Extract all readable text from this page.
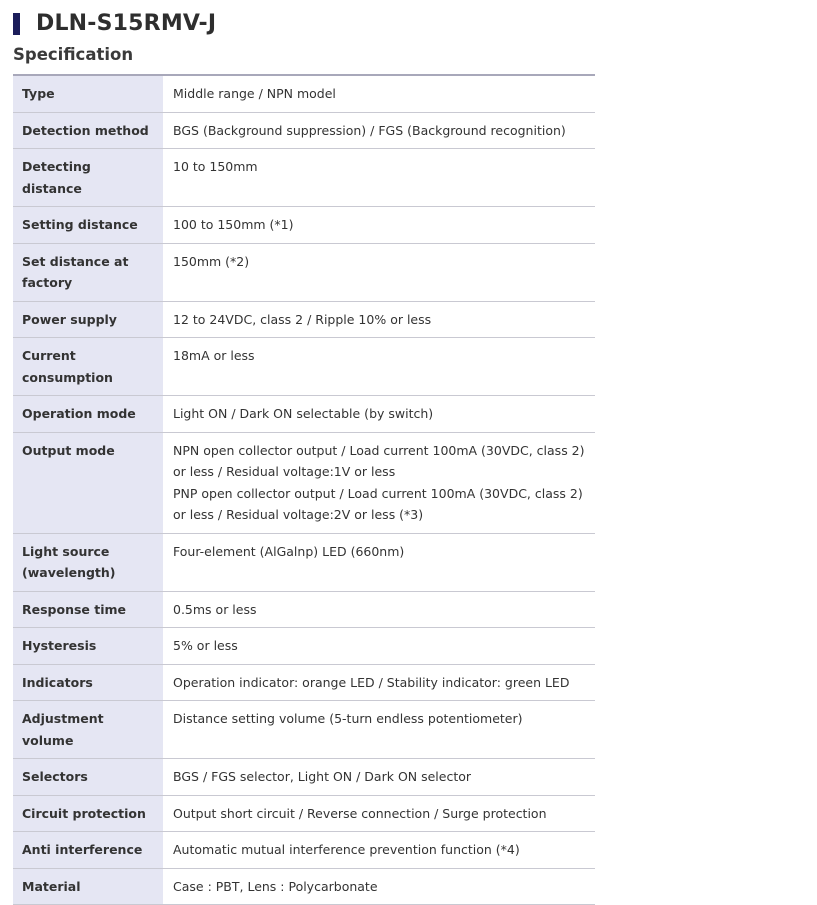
DLN-S15RMV-J
Specification
Type	Middle range / NPN model
Detection method	BGS (Background suppression) / FGS (Background recognition)
Detecting distance	10 to 150mm
Setting distance	100 to 150mm (*1)
Set distance at factory	150mm (*2)
Power supply	12 to 24VDC, class 2 / Ripple 10% or less
Current consumption	18mA or less
Operation mode	Light ON / Dark ON selectable (by switch)
Output mode	NPN open collector output / Load current 100mA (30VDC, class 2) or less / Residual voltage:1V or less
PNP open collector output / Load current 100mA (30VDC, class 2) or less / Residual voltage:2V or less (*3)

Light source (wavelength)	Four-element (AlGalnp) LED (660nm)
Response time	0.5ms or less
Hysteresis	5% or less
Indicators	Operation indicator: orange LED / Stability indicator: green LED
Adjustment volume	Distance setting volume (5-turn endless potentiometer)
Selectors	BGS / FGS selector, Light ON / Dark ON selector
Circuit protection	Output short circuit / Reverse connection / Surge protection
Anti interference	Automatic mutual interference prevention function (*4)
Material	Case : PBT, Lens : Polycarbonate
